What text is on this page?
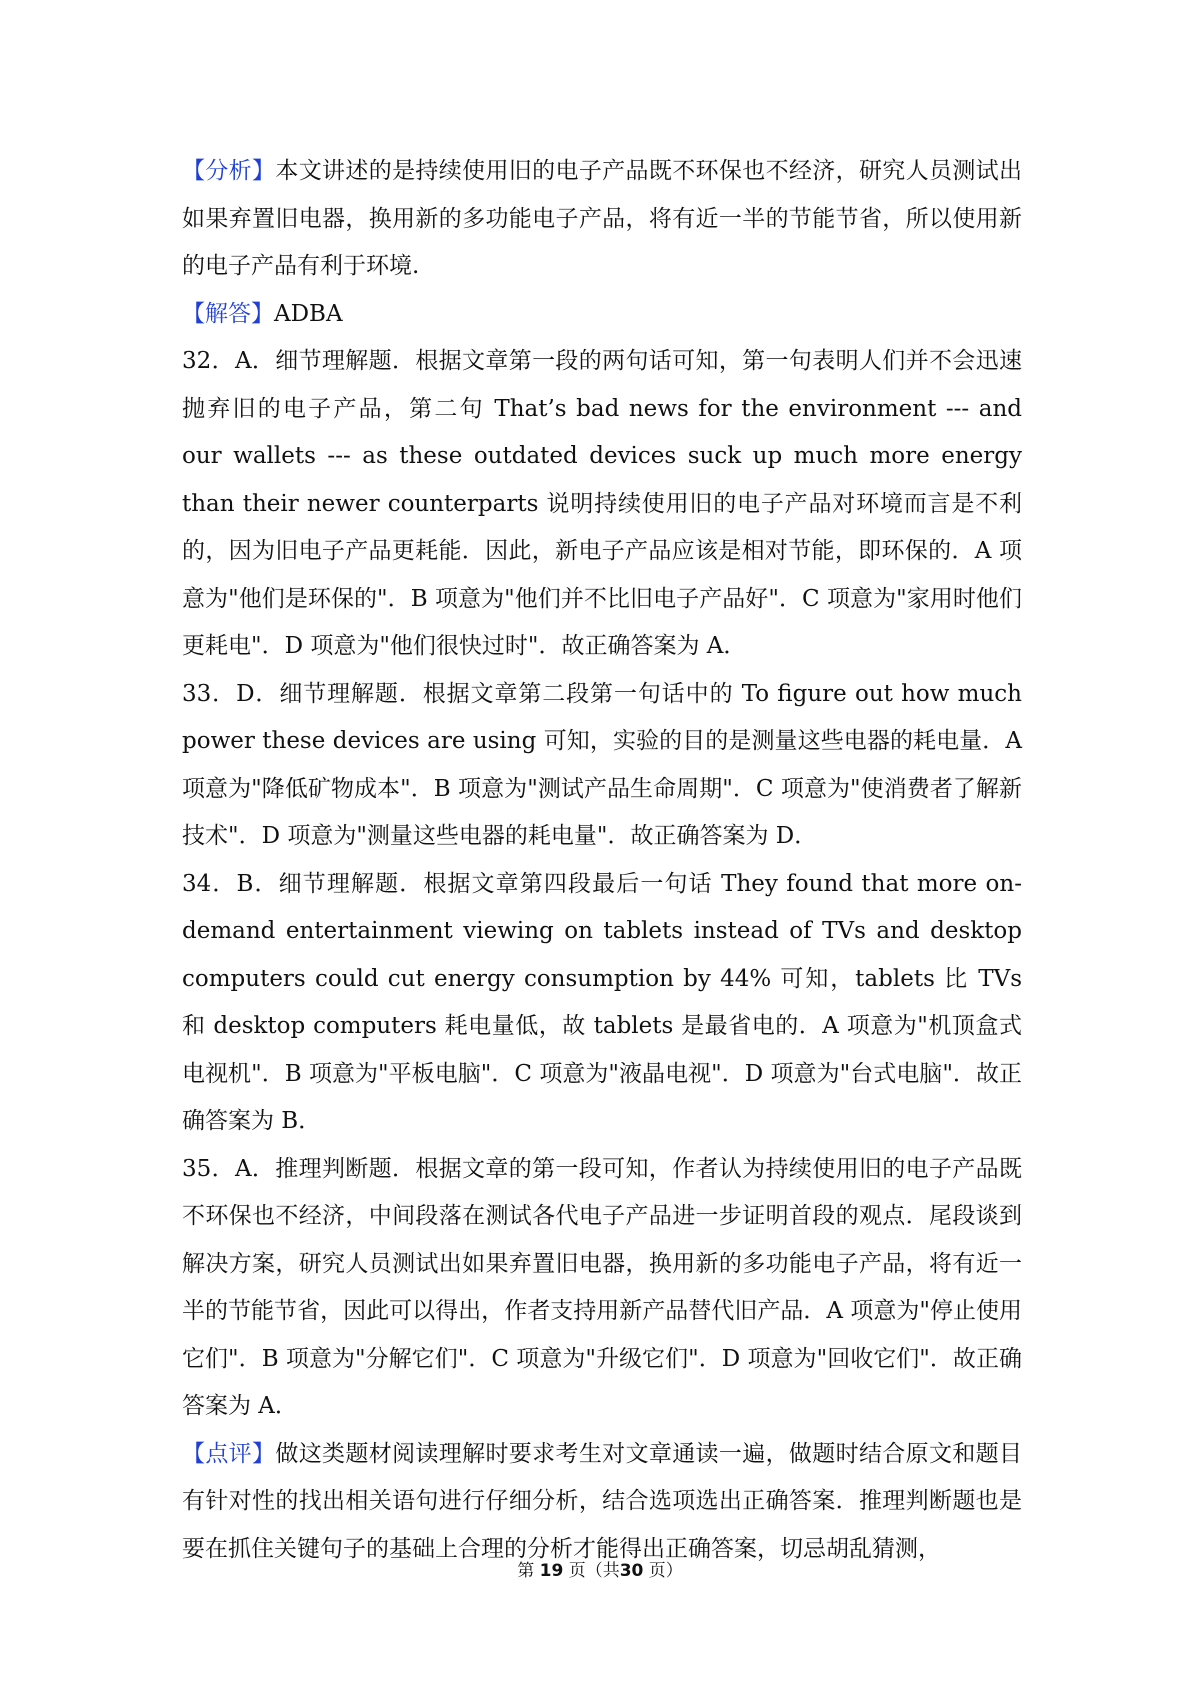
【分析】本文讲述的是持续使用旧的电子产品既不环保也不经济，研究人员测试出如果弃置旧电器，换用新的多功能电子产品，将有近一半的节能节省，所以使用新的电子产品有利于环境.

【解答】ADBA

32．A．细节理解题．根据文章第一段的两句话可知，第一句表明人们并不会迅速抛弃旧的电子产品，第二句 That’s bad news for the environment --- and our wallets --- as these outdated devices suck up much more energy than their newer counterparts 说明持续使用旧的电子产品对环境而言是不利的，因为旧电子产品更耗能．因此，新电子产品应该是相对节能，即环保的．A 项意为"他们是环保的"．B 项意为"他们并不比旧电子产品好"．C 项意为"家用时他们更耗电"．D 项意为"他们很快过时"．故正确答案为 A．

33．D．细节理解题．根据文章第二段第一句话中的 To figure out how much power these devices are using 可知，实验的目的是测量这些电器的耗电量．A 项意为"降低矿物成本"．B 项意为"测试产品生命周期"．C 项意为"使消费者了解新技术"．D 项意为"测量这些电器的耗电量"．故正确答案为 D．

34．B．细节理解题．根据文章第四段最后一句话 They found that more on-demand entertainment viewing on tablets instead of TVs and desktop computers could cut energy consumption by 44% 可知，tablets 比 TVs 和 desktop computers 耗电量低，故 tablets 是最省电的．A 项意为"机顶盒式电视机"．B 项意为"平板电脑"．C 项意为"液晶电视"．D 项意为"台式电脑"．故正确答案为 B．

35．A．推理判断题．根据文章的第一段可知，作者认为持续使用旧的电子产品既不环保也不经济，中间段落在测试各代电子产品进一步证明首段的观点．尾段谈到解决方案，研究人员测试出如果弃置旧电器，换用新的多功能电子产品，将有近一半的节能节省，因此可以得出，作者支持用新产品替代旧产品．A 项意为"停止使用它们"．B 项意为"分解它们"．C 项意为"升级它们"．D 项意为"回收它们"．故正确答案为 A．

【点评】做这类题材阅读理解时要求考生对文章通读一遍，做题时结合原文和题目有针对性的找出相关语句进行仔细分析，结合选项选出正确答案．推理判断题也是要在抓住关键句子的基础上合理的分析才能得出正确答案，切忌胡乱猜测，

第 19 页（共30 页）
